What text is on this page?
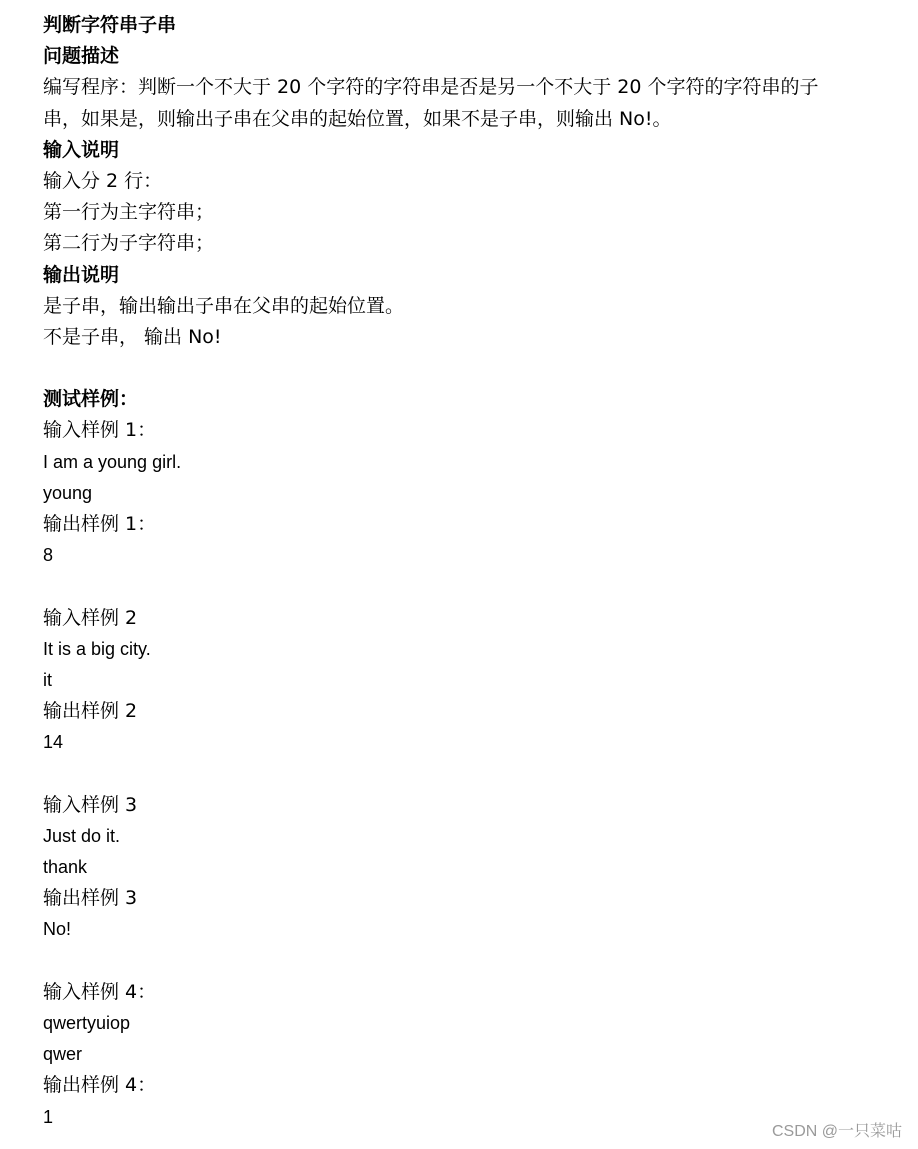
判断字符串子串
问题描述
编写程序：判断一个不大于 20 个字符的字符串是否是另一个不大于 20 个字符的字符串的子
串，如果是，则输出子串在父串的起始位置，如果不是子串，则输出 No!。
输入说明
输入分 2 行：
第一行为主字符串；
第二行为子字符串；
输出说明
是子串，输出输出子串在父串的起始位置。
不是子串， 输出 No!
测试样例：
输入样例 1：
I am a young girl.
young
输出样例 1：
8
输入样例 2
It is a big city.
it
输出样例 2
14
输入样例 3
Just do it.
thank
输出样例 3
No!
输入样例 4：
qwertyuiop
qwer
输出样例 4：
1
CSDN @一只菜咕
